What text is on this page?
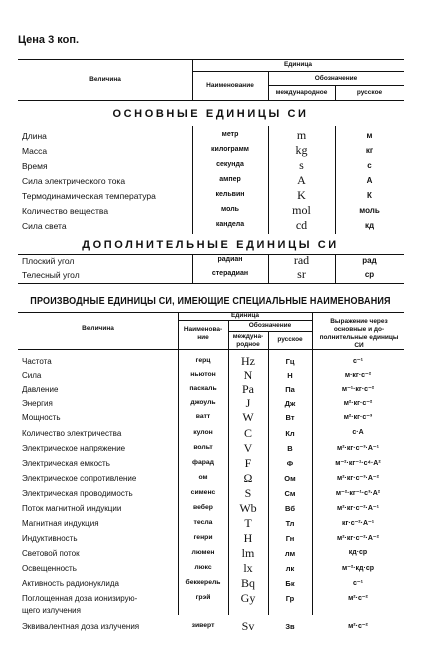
Цена 3 коп.
Величина
Единица
Наименование
Обозначение
международное	русское
ОСНОВНЫЕ ЕДИНИЦЫ СИ
Длина	метр	m	м
Масса	килограмм	kg	кг
Время	секунда	s	с
Сила электрического тока	ампер	A	А
Термодинамическая температура	кельвин	K	К
Количество вещества	моль	mol	моль
Сила света	кандела	cd	кд
ДОПОЛНИТЕЛЬНЫЕ ЕДИНИЦЫ СИ
Плоский угол	радиан	rad	рад
Телесный угол	стерадиан	sr	ср
ПРОИЗВОДНЫЕ ЕДИНИЦЫ СИ, ИМЕЮЩИЕ СПЕЦИАЛЬНЫЕ НАИМЕНОВАНИЯ
Величина
Единица
Наименова-ние
Обозначение
междуна-родное
русское
Выражение через основные и до-полнительные единицы СИ
Частота	герц	Hz	Гц	с⁻¹
Сила	ньютон	N	Н	м·кг·с⁻²
Давление	паскаль	Pa	Па	м⁻¹·кг·с⁻²
Энергия	джоуль	J	Дж	м²·кг·с⁻²
Мощность	ватт	W	Вт	м²·кг·с⁻³
Количество электричества	кулон	C	Кл	с·А
Электрическое напряжение	вольт	V	В	м²·кг·с⁻³·А⁻¹
Электрическая емкость	фарад	F	Ф	м⁻²·кг⁻¹·с⁴·А²
Электрическое сопротивление	ом	Ω	Ом	м²·кг·с⁻³·А⁻²
Электрическая проводимость	сименс	S	См	м⁻²·кг⁻¹·с³·А²
Поток магнитной индукции	вебер	Wb	Вб	м²·кг·с⁻²·А⁻¹
Магнитная индукция	тесла	T	Тл	кг·с⁻²·А⁻¹
Индуктивность	генри	H	Гн	м²·кг·с⁻²·А⁻²
Световой поток	люмен	lm	лм	кд·ср
Освещенность	люкс	lx	лк	м⁻²·кд·ср
Активность радионуклида	беккерель	Bq	Бк	с⁻¹
Поглощенная доза ионизирую-	грэй	Gy	Гр	м²·с⁻²
щего излучения
Эквивалентная доза излучения	зиверт	Sv	Зв	м²·с⁻²
